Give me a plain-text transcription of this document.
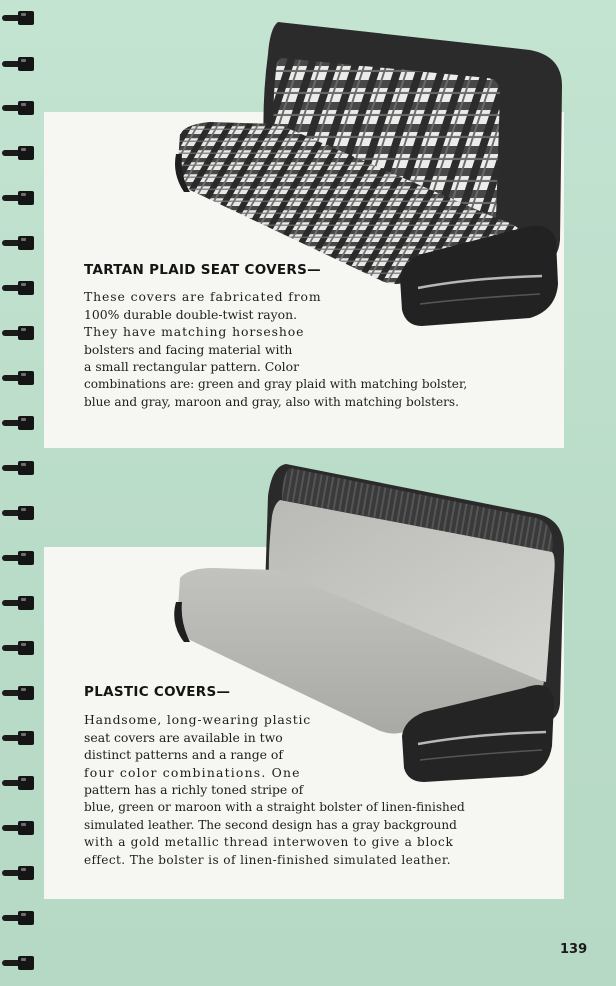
TARTAN PLAID SEAT COVERS—

These covers are fabricated from
100% durable double-twist rayon.
They have matching horseshoe
bolsters and facing material with
a small rectangular pattern. Color
combinations are: green and gray plaid with matching bolster,
blue and gray, maroon and gray, also with matching bolsters.

PLASTIC COVERS—

Handsome, long-wearing plastic
seat covers are available in two
distinct patterns and a range of
four color combinations. One
pattern has a richly toned stripe of
blue, green or maroon with a straight bolster of linen-finished
simulated leather. The second design has a gray background
with a gold metallic thread interwoven to give a block
effect. The bolster is of linen-finished simulated leather.

139
